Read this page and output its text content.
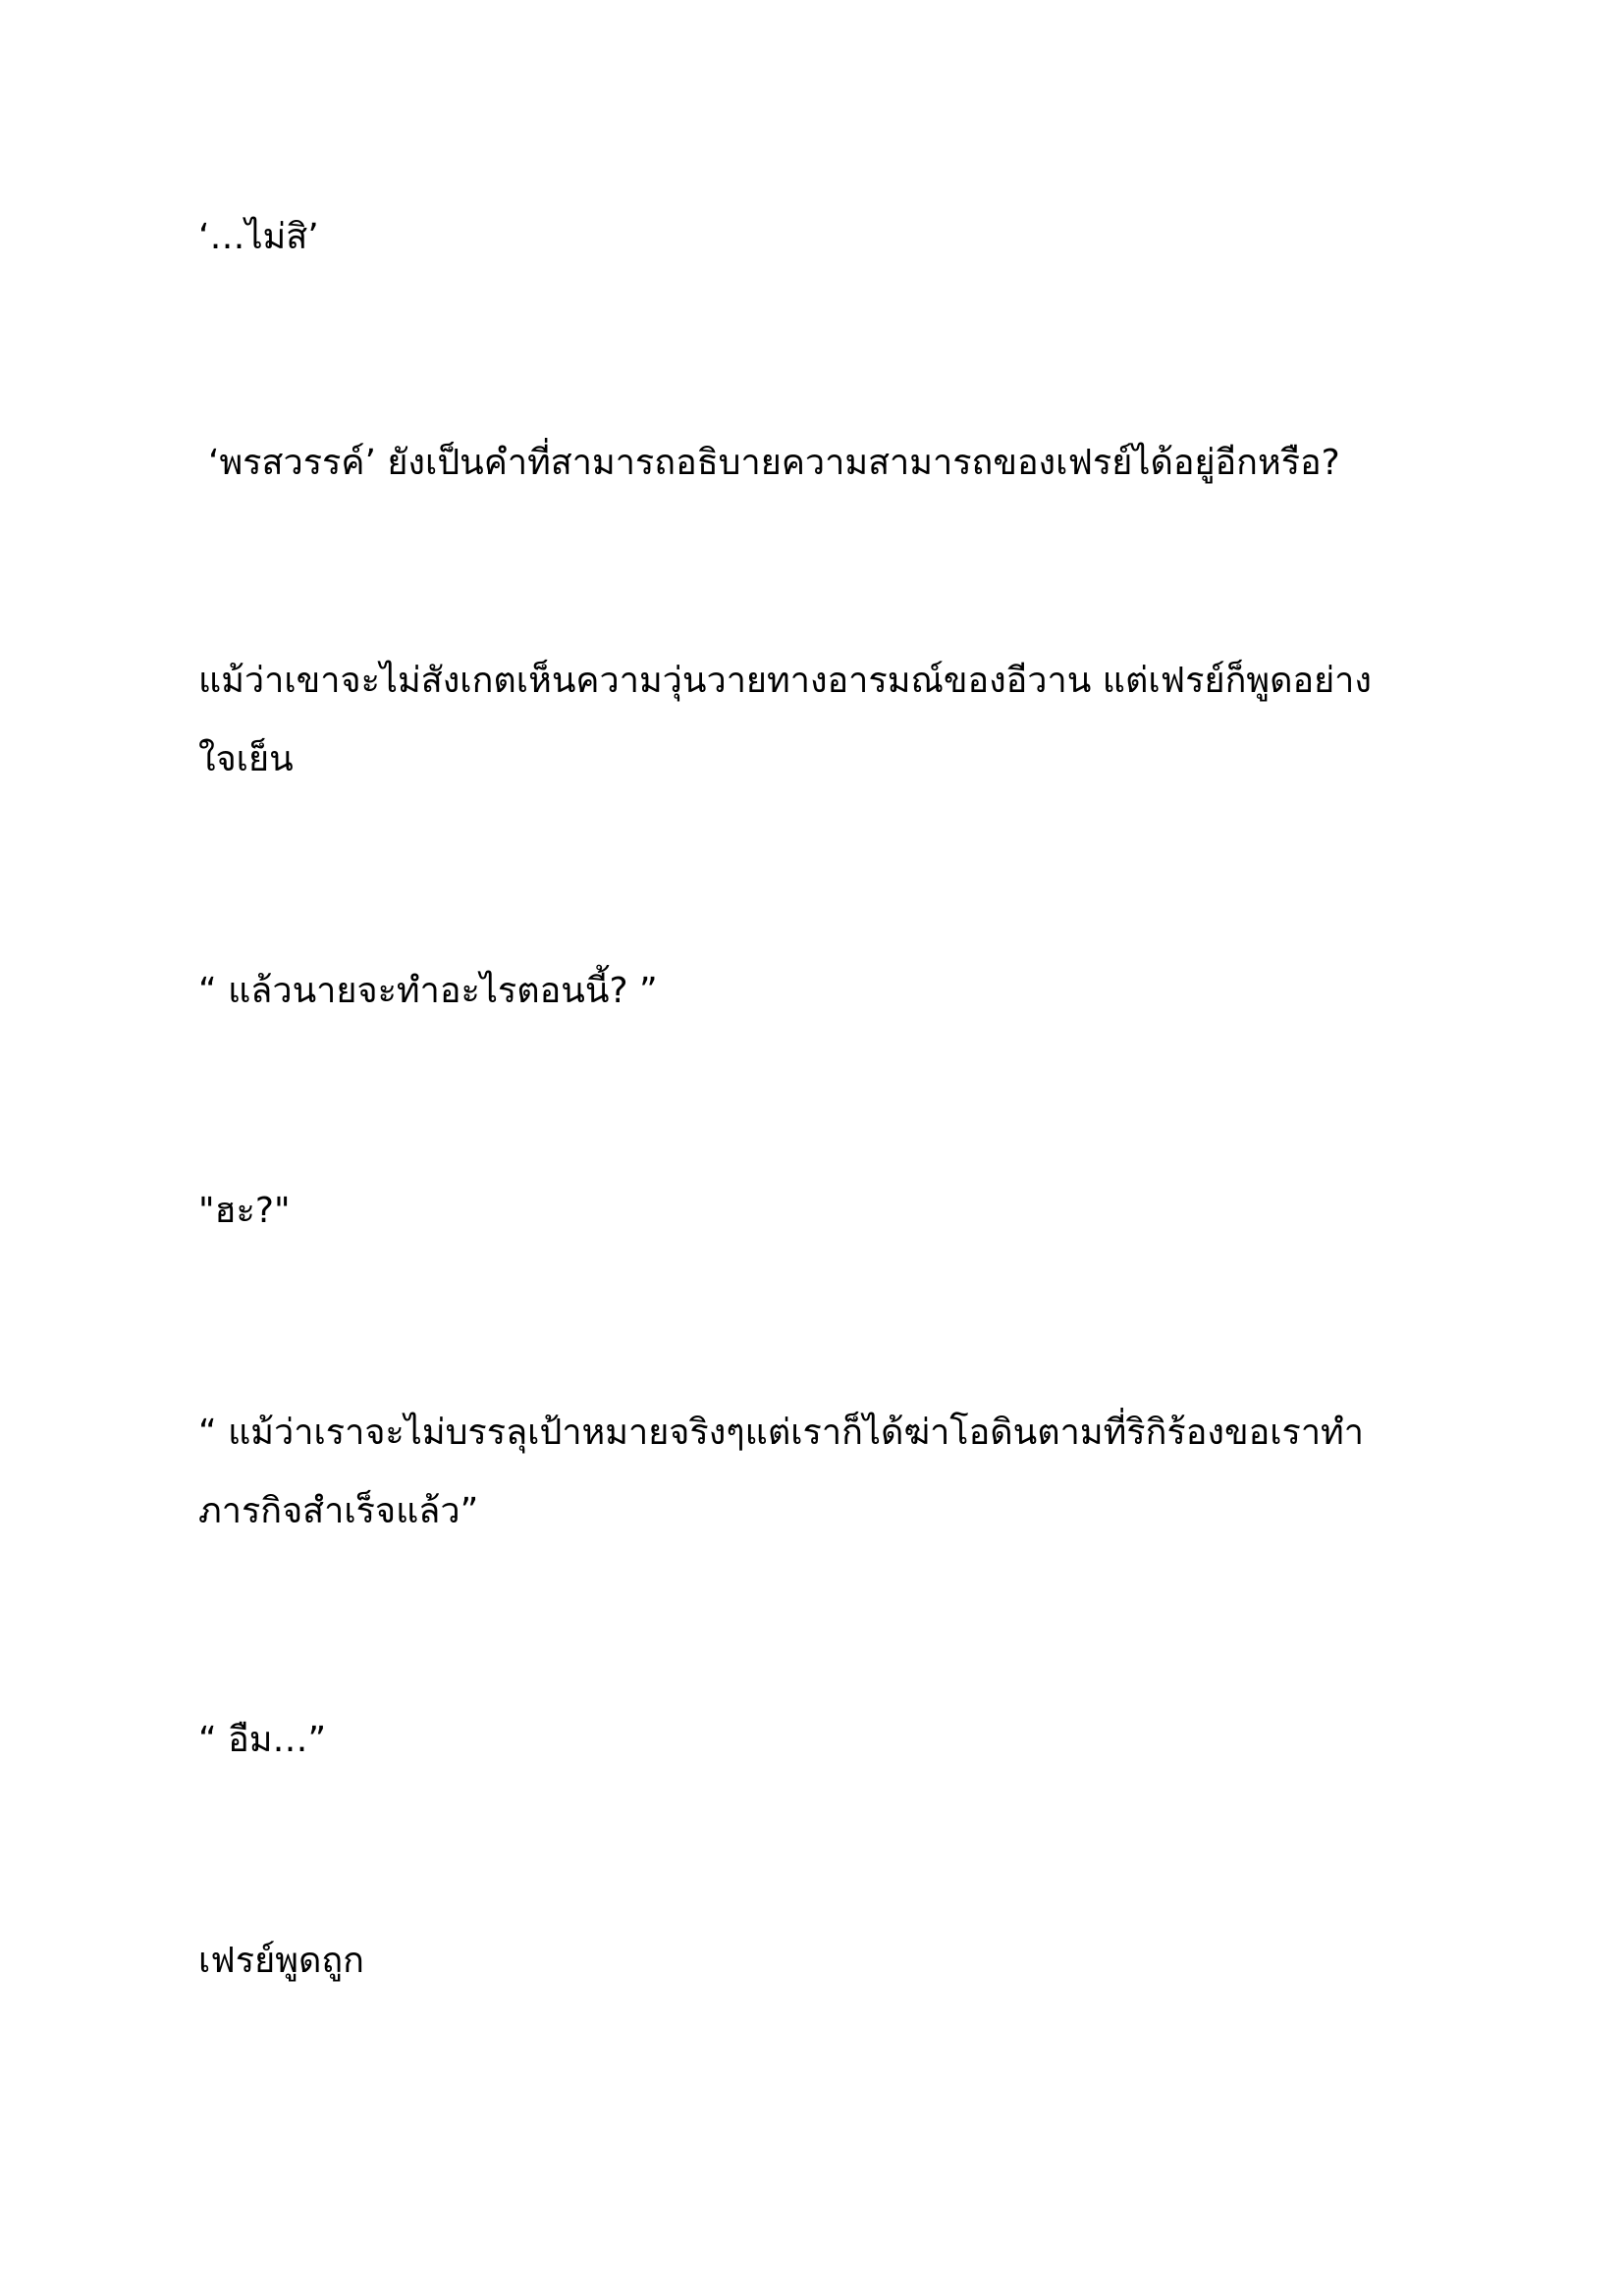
‘…ไม่สิ’
‘พรสวรรค์’ ยังเป็นคำที่สามารถอธิบายความสามารถของเฟรย์ได้อยู่อีกหรือ?
แม้ว่าเขาจะไม่สังเกตเห็นความวุ่นวายทางอารมณ์ของอีวาน แต่เฟรย์ก็พูดอย่างใจเย็น
“ แล้วนายจะทำอะไรตอนนี้? ”
"ฮะ?"
“ แม้ว่าเราจะไม่บรรลุเป้าหมายจริงๆแต่เราก็ได้ฆ่าโอดินตามที่ริกิร้องขอเราทำภารกิจสำเร็จแล้ว”
“ อืม…”
เฟรย์พูดถูก
